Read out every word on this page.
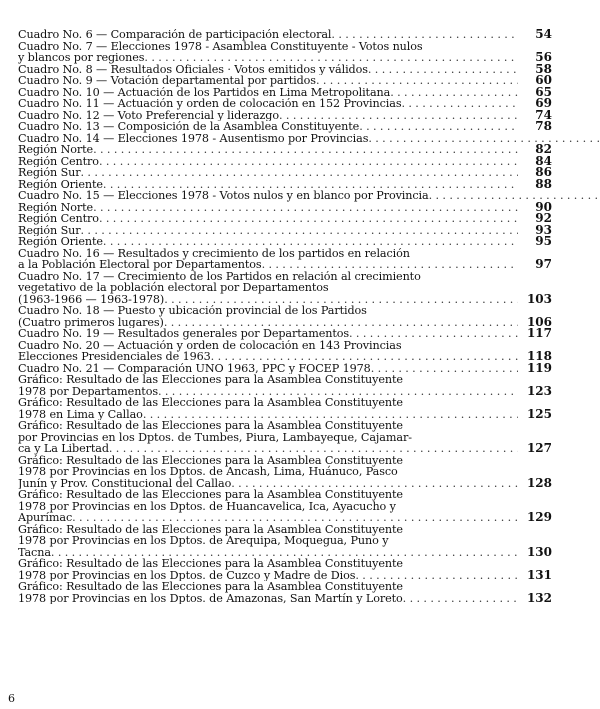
Cuadro No. 6 — Comparación de participación electoral . . .	54
Cuadro No. 7 — Elecciones 1978 - Asamblea Constituyente - Votos nulos
y blancos por regiones . . .	56
Cuadro No. 8 — Resultados Oficiales · Votos emitidos y válidos . . .	58
Cuadro No. 9 — Votación departamental por partidos . . .	60
Cuadro No. 10 — Actuación de los Partidos en Lima Metropolitana . . .	65
Cuadro No. 11 — Actuación y orden de colocación en 152 Provincias . . .	69
Cuadro No. 12 — Voto Preferencial y liderazgo . . .	74
Cuadro No. 13 — Composición de la Asamblea Constituyente . . .	78
Cuadro No. 14 — Elecciones 1978 - Ausentismo por Provincias . . .
Región Norte . . .	82
Región Centro . . .	84
Región Sur . . .	86
Región Oriente . . .	88
Cuadro No. 15 — Elecciones 1978 - Votos nulos y en blanco por Provincia . . .
Región Norte . . .	90
Región Centro . . .	92
Región Sur . . .	93
Región Oriente . . .	95
Cuadro No. 16 — Resultados y crecimiento de los partidos en relación
a la Población Electoral por Departamentos . . .	97
Cuadro No. 17 — Crecimiento de los Partidos en relación al crecimiento
vegetativo de la población electoral por Departamentos
(1963-1966 — 1963-1978) . . .	103
Cuadro No. 18 — Puesto y ubicación provincial de los Partidos
(Cuatro primeros lugares) . . .	106
Cuadro No. 19 — Resultados generales por Departamentos . . .	117
Cuadro No. 20 — Actuación y orden de colocación en 143 Provincias
Elecciones Presidenciales de 1963 . . .	118
Cuadro No. 21 — Comparación UNO 1963, PPC y FOCEP 1978 . . .	119
Gráfico: Resultado de las Elecciones para la Asamblea Constituyente
1978 por Departamentos . . .	123
Gráfico: Resultado de las Elecciones para la Asamblea Constituyente
1978 en Lima y Callao . . .	125
Gráfico: Resultado de las Elecciones para la Asamblea Constituyente
por Provincias en los Dptos. de Tumbes, Piura, Lambayeque, Cajamar-
ca y La Libertad . . .	127
Gráfico: Resultado de las Elecciones para la Asamblea Constituyente
1978 por Provincias en los Dptos. de Ancash, Lima, Huánuco, Pasco
Junín y Prov. Constitucional del Callao . . .	128
Gráfico: Resultado de las Elecciones para la Asamblea Constituyente
1978 por Provincias en los Dptos. de Huancavelica, Ica, Ayacucho y
Apurímac . . .	129
Gráfico: Resultado de las Elecciones para la Asamblea Constituyente
1978 por Provincias en los Dptos. de Arequipa, Moquegua, Puno y
Tacna . . .	130
Gráfico: Resultado de las Elecciones para la Asamblea Constituyente
1978 por Provincias en los Dptos. de Cuzco y Madre de Dios . . .	131
Gráfico: Resultado de las Elecciones para la Asamblea Constituyente
1978 por Provincias en los Dptos. de Amazonas, San Martín y Loreto . . .	132
6
